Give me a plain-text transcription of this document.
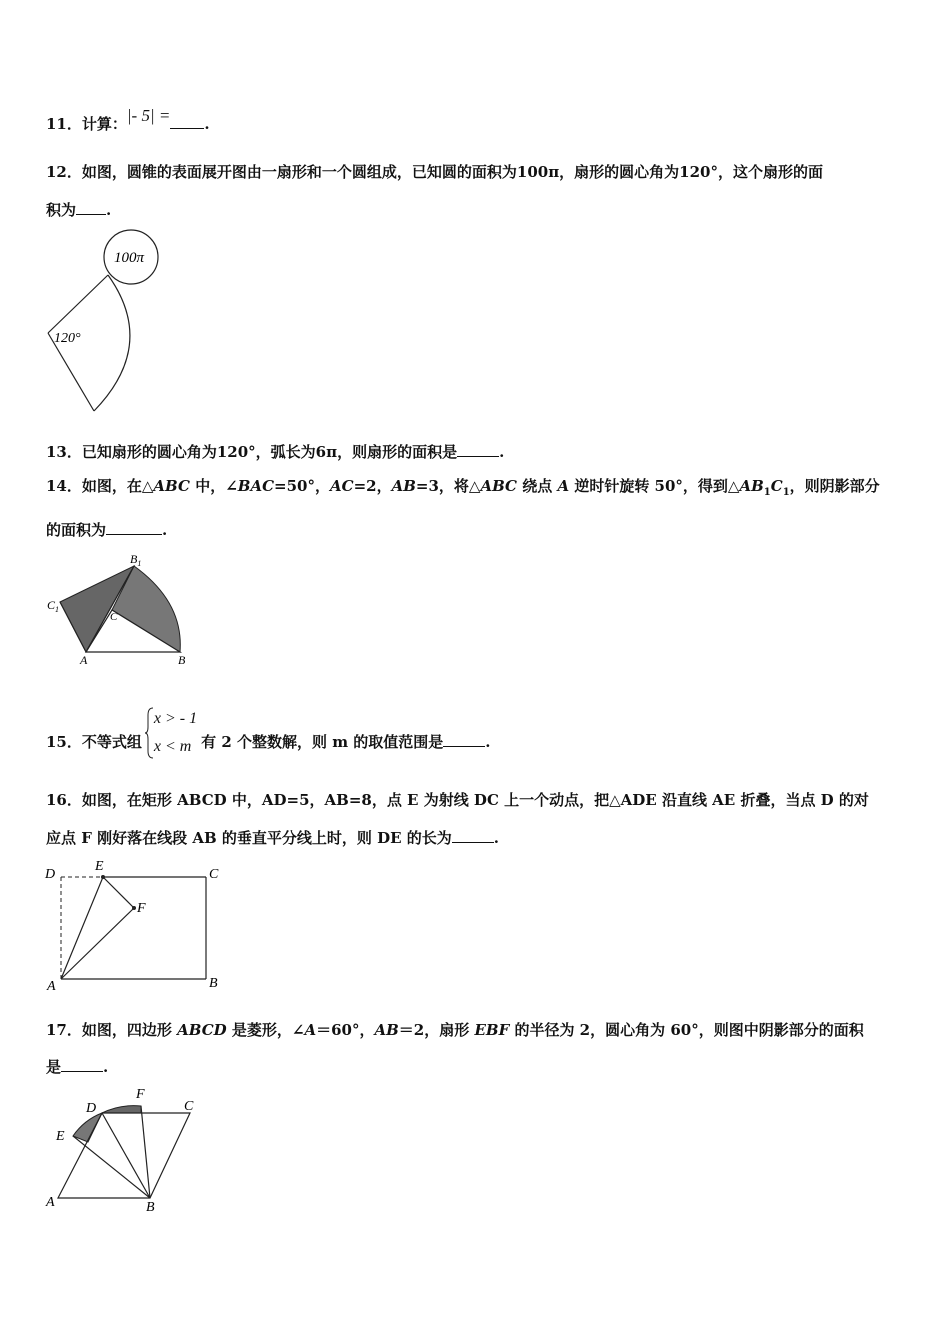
11．计算：|- 5| = .
12．如图，圆锥的表面展开图由一扇形和一个圆组成，已知圆的面积为100π，扇形的圆心角为120°，这个扇形的面
积为 .
100π
120°
13．已知扇形的圆心角为120°，弧长为6π，则扇形的面积是	.
14．如图，在△ABC 中，∠BAC=50°，AC=2，AB=3，将△ABC 绕点 A 逆时针旋转 50°，得到$\triangle AB_1C_1$，则阴影部分
的面积为	.
$B_1$
$C_1$
C
A	B
15．不等式组
x > - 1
x < m 有 2 个整数解，则 m 的取值范围是	.
16．如图，在矩形 ABCD 中，AD=5，AB=8，点 E 为射线 DC 上一个动点，把△ADE 沿直线 AE 折叠，当点 D 的对
应点 F 刚好落在线段 AB 的垂直平分线上时，则 DE 的长为	.
D
E
C
F
A	B
17．如图，四边形 ABCD 是菱形，∠A＝60°，AB＝2，扇形 EBF 的半径为 2，圆心角为 60°，则图中阴影部分的面积
是	.
D
F
C
E
A	B
